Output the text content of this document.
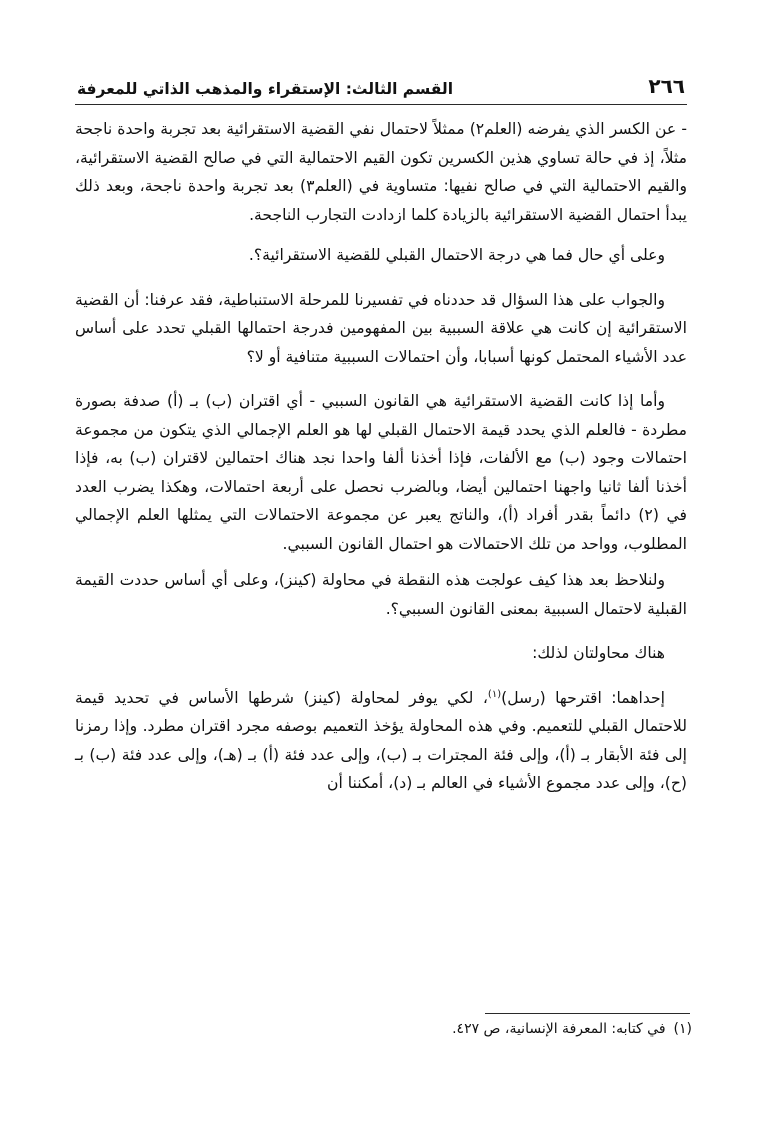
٢٦٦
القسم الثالث: الإستقراء والمذهب الذاتي للمعرفة

- عن الكسر الذي يفرضه (العلم٢) ممثلاً لاحتمال نفي القضية الاستقرائية بعد تجربة واحدة ناجحة مثلاً، إذ في حالة تساوي هذين الكسرين تكون القيم الاحتمالية التي في صالح القضية الاستقرائية، والقيم الاحتمالية التي في صالح نفيها: متساوية في (العلم٣) بعد تجربة واحدة ناجحة، وبعد ذلك يبدأ احتمال القضية الاستقرائية بالزيادة كلما ازدادت التجارب الناجحة.

وعلى أي حال فما هي درجة الاحتمال القبلي للقضية الاستقرائية؟.

والجواب على هذا السؤال قد حددناه في تفسيرنا للمرحلة الاستنباطية، فقد عرفنا: أن القضية الاستقرائية إن كانت هي علاقة السببية بين المفهومين فدرجة احتمالها القبلي تحدد على أساس عدد الأشياء المحتمل كونها أسبابا، وأن احتمالات السببية متنافية أو لا؟

وأما إذا كانت القضية الاستقرائية هي القانون السببي - أي اقتران (ب) بـ (أ) صدفة بصورة مطردة - فالعلم الذي يحدد قيمة الاحتمال القبلي لها هو العلم الإجمالي الذي يتكون من مجموعة احتمالات وجود (ب) مع الألفات، فإذا أخذنا ألفا واحدا نجد هناك احتمالين لاقتران (ب) به، فإذا أخذنا ألفا ثانيا واجهنا احتمالين أيضا، وبالضرب نحصل على أربعة احتمالات، وهكذا يضرب العدد في (٢) دائماً بقدر أفراد (أ)، والناتج يعبر عن مجموعة الاحتمالات التي يمثلها العلم الإجمالي المطلوب، وواحد من تلك الاحتمالات هو احتمال القانون السببي.

ولنلاحظ بعد هذا كيف عولجت هذه النقطة في محاولة (كينز)، وعلى أي أساس حددت القيمة القبلية لاحتمال السببية بمعنى القانون السببي؟.

هناك محاولتان لذلك:

إحداهما: اقترحها (رسل)$^{(١)}$، لكي يوفر لمحاولة (كينز) شرطها الأساس في تحديد قيمة للاحتمال القبلي للتعميم. وفي هذه المحاولة يؤخذ التعميم بوصفه مجرد اقتران مطرد. وإذا رمزنا إلى فئة الأبقار بـ (أ)، وإلى فئة المجترات بـ (ب)، وإلى عدد فئة (أ) بـ (هـ)، وإلى عدد فئة (ب) بـ (ح)، وإلى عدد مجموع الأشياء في العالم بـ (د)، أمكننا أن

(١)
في كتابه: المعرفة الإنسانية، ص ٤٢٧.
